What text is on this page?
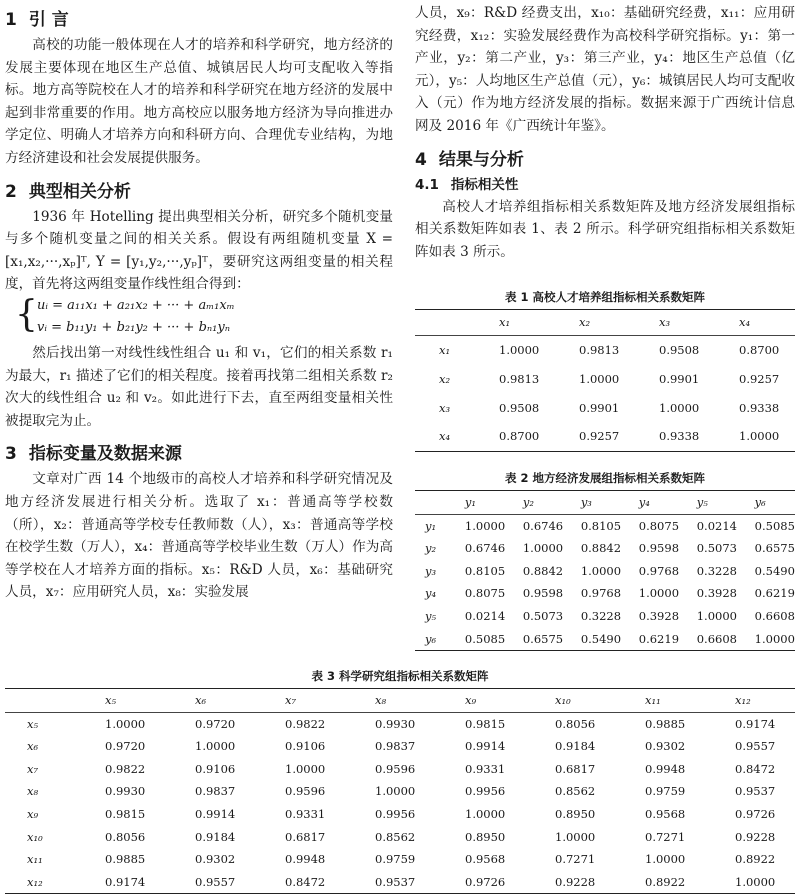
1 引 言

高校的功能一般体现在人才的培养和科学研究，地方经济的发展主要体现在地区生产总值、城镇居民人均可支配收入等指标。地方高等院校在人才的培养和科学研究在地方经济的发展中起到非常重要的作用。地方高校应以服务地方经济为导向推进办学定位、明确人才培养方向和科研方向、合理优专业结构，为地方经济建设和社会发展提供服务。

2 典型相关分析

1936 年 Hotelling 提出典型相关分析，研究多个随机变量与多个随机变量之间的相关关系。假设有两组随机变量 X = [x₁,x₂,···,xₚ]ᵀ, Y = [y₁,y₂,···,yₚ]ᵀ，要研究这两组变量的相关程度，首先将这两组变量作线性组合得到：

{ uᵢ = a₁₁x₁ + a₂₁x₂ + ··· + aₘ₁xₘ
vᵢ = b₁₁y₁ + b₂₁y₂ + ··· + bₙ₁yₙ

然后找出第一对线性线性组合 u₁ 和 v₁，它们的相关系数 r₁ 为最大，r₁ 描述了它们的相关程度。接着再找第二组相关系数 r₂ 次大的线性组合 u₂ 和 v₂。如此进行下去，直至两组变量相关性被提取完为止。

3 指标变量及数据来源

文章对广西 14 个地级市的高校人才培养和科学研究情况及地方经济发展进行相关分析。选取了 x₁：普通高等学校数（所），x₂：普通高等学校专任教师数（人），x₃：普通高等学校在校学生数（万人），x₄：普通高等学校毕业生数（万人）作为高等学校在人才培养方面的指标。x₅：R&D 人员，x₆：基础研究人员，x₇：应用研究人员，x₈：实验发展

人员，x₉：R&D 经费支出，x₁₀：基础研究经费，x₁₁：应用研究经费，x₁₂：实验发展经费作为高校科学研究指标。y₁：第一产业，y₂：第二产业，y₃：第三产业，y₄：地区生产总值（亿元），y₅：人均地区生产总值（元），y₆：城镇居民人均可支配收入（元）作为地方经济发展的指标。数据来源于广西统计信息网及 2016 年《广西统计年鉴》。

4 结果与分析
4.1 指标相关性

高校人才培养组指标相关系数矩阵及地方经济发展组指标相关系数矩阵如表 1、表 2 所示。科学研究组指标相关系数矩阵如表 3 所示。

表 1 高校人才培养组指标相关系数矩阵
	x₁	x₂	x₃	x₄
x₁	1.0000	0.9813	0.9508	0.8700
x₂	0.9813	1.0000	0.9901	0.9257
x₃	0.9508	0.9901	1.0000	0.9338
x₄	0.8700	0.9257	0.9338	1.0000
表 2 地方经济发展组指标相关系数矩阵
	y₁	y₂	y₃	y₄	y₅	y₆
y₁	1.0000	0.6746	0.8105	0.8075	0.0214	0.5085
y₂	0.6746	1.0000	0.8842	0.9598	0.5073	0.6575
y₃	0.8105	0.8842	1.0000	0.9768	0.3228	0.5490
y₄	0.8075	0.9598	0.9768	1.0000	0.3928	0.6219
y₅	0.0214	0.5073	0.3228	0.3928	1.0000	0.6608
y₆	0.5085	0.6575	0.5490	0.6219	0.6608	1.0000
表 3 科学研究组指标相关系数矩阵
	x₅	x₆	x₇	x₈	x₉	x₁₀	x₁₁	x₁₂
x₅	1.0000	0.9720	0.9822	0.9930	0.9815	0.8056	0.9885	0.9174
x₆	0.9720	1.0000	0.9106	0.9837	0.9914	0.9184	0.9302	0.9557
x₇	0.9822	0.9106	1.0000	0.9596	0.9331	0.6817	0.9948	0.8472
x₈	0.9930	0.9837	0.9596	1.0000	0.9956	0.8562	0.9759	0.9537
x₉	0.9815	0.9914	0.9331	0.9956	1.0000	0.8950	0.9568	0.9726
x₁₀	0.8056	0.9184	0.6817	0.8562	0.8950	1.0000	0.7271	0.9228
x₁₁	0.9885	0.9302	0.9948	0.9759	0.9568	0.7271	1.0000	0.8922
x₁₂	0.9174	0.9557	0.8472	0.9537	0.9726	0.9228	0.8922	1.0000
